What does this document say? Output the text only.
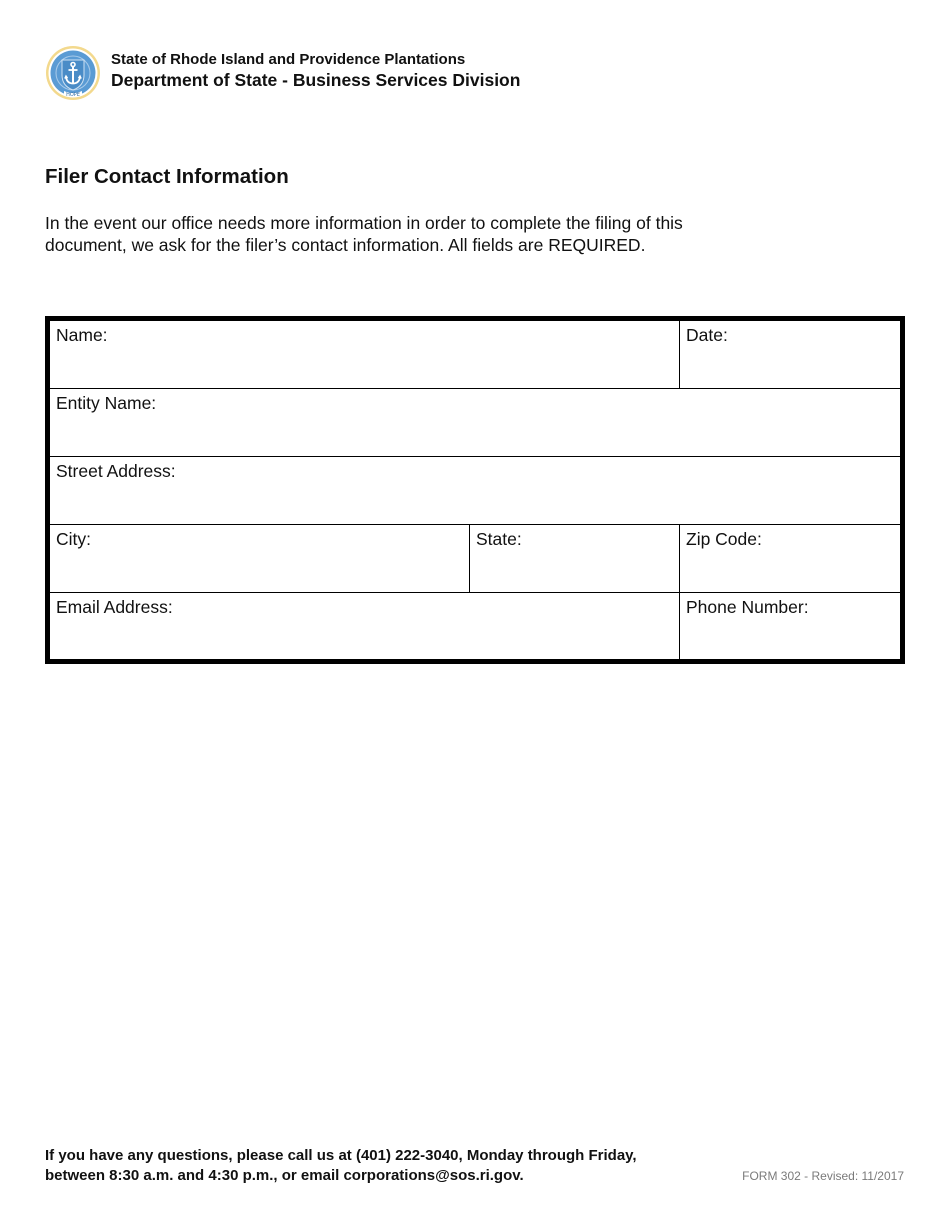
HOPE
State of Rhode Island and Providence Plantations
Department of State - Business Services Division
Filer Contact Information

In the event our office needs more information in order to complete the filing of this document, we ask for the filer’s contact information. All fields are REQUIRED.

Name:	Date:
Entity Name:
Street Address:
City:	State:	Zip Code:
Email Address:	Phone Number:
If you have any questions, please call us at (401) 222-3040, Monday through Friday,
between 8:30 a.m. and 4:30 p.m., or email corporations@sos.ri.gov.	FORM 302 - Revised: 11/2017
